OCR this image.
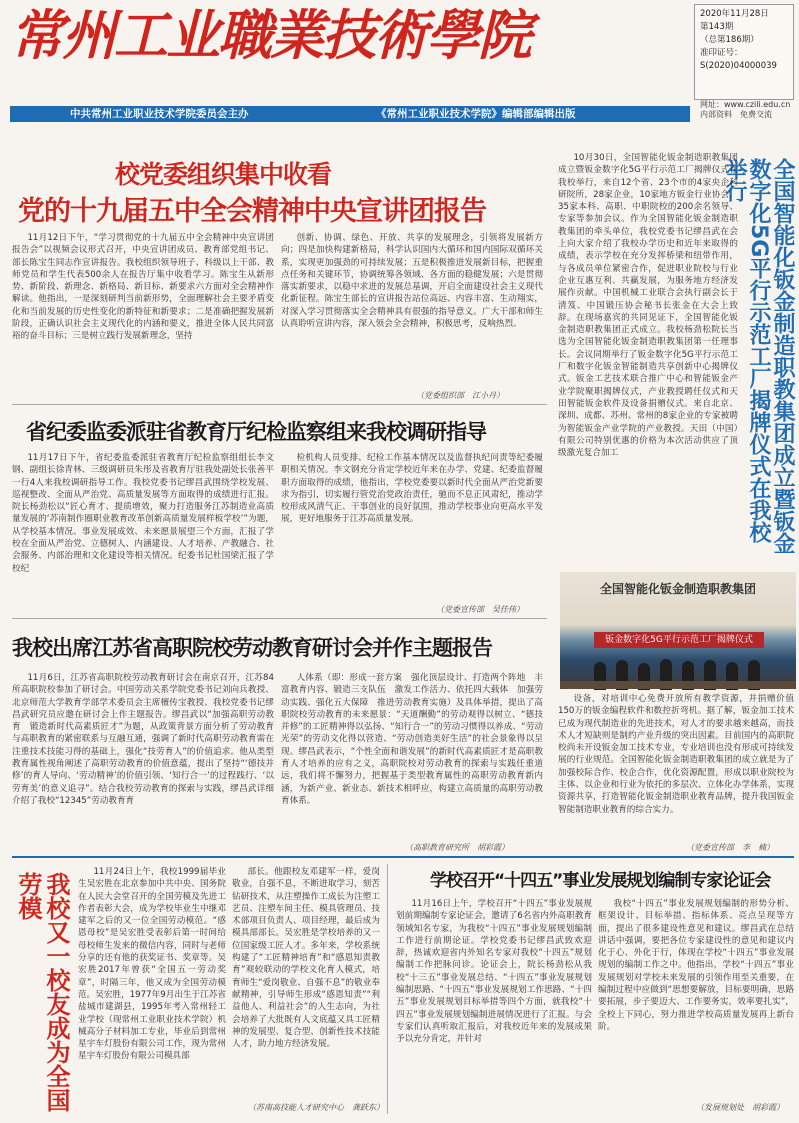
常州工业職業技術學院	2020年11月28日
第143期
（总第186期）
准印证号：
S(2020)04000039
网址：www.czili.edu.cn
内部资料　免费交流
中共常州工业职业技术学院委员会主办	《常州工业职业技术学院》编辑部编辑出版
校党委组织集中收看
党的十九届五中全会精神中央宣讲团报告
11月12日下午，“学习贯彻党的十九届五中全会精神中央宣讲团报告会”以视频会议形式召开，中央宣讲团成员、教育部党组书记、部长陈宝生同志作宣讲报告。我校组织领导班子、科级以上干部、教师党员和学生代表500余人在报告厅集中收看学习。陈宝生从新形势、新阶段、新理念、新格局、新目标、新要求六方面对全会精神作解读。他指出，一是深刻研判当前新形势，全面理解社会主要矛盾变化和当前发展的历史性变化的新特征和新要求；二是准确把握发展新阶段，正确认识社会主义现代化的内涵和要义，推进全体人民共同富裕的奋斗目标；三是树立践行发展新理念，坚持
创新、协调、绿色、开放、共享的发展理念，引领将发展新方向；四是加快构建新格局，科学认识国内大循环和国内国际双循环关系，实现更加强劲的可持续发展；五是积极推进发展新目标，把握重点任务和关键环节，协调统筹各领域、各方面的稳健发展；六是贯彻落实新要求，以稳中求进的发展总基调，开启全面建设社会主义现代化新征程。陈宝生部长的宣讲报告站位高远、内容丰富、生动翔实，对深入学习贯彻落实全会精神具有很强的指导意义。广大干部和师生认真聆听宣讲内容，深入领会全会精神，积极思考，反响热烈。
（党委组织部　江小丹）
省纪委监委派驻省教育厅纪检监察组来我校调研指导
11月17日下午，省纪委监委派驻省教育厅纪检监察组组长李文钢、副组长徐青林、三级调研员朱彤及省教育厅驻我处副处长张善平一行4人来我校调研指导工作。我校党委书记缪昌武围绕学校发展、巡视整改、全面从严治党、高质量发展等方面取得的成绩进行汇报。院长杨劲松以“匠心育才、提质增效，聚力打造服务江苏制造业高质量发展的‘苏南制作圈职业教育改革创新高质量发展样板学校’”为题，从学校基本情况、事业发展成效、未来愿景展望三个方面，汇报了学校在全面从严治党、立德树人、内涵建设、人才培养、产教融合、社会服务、内部治理和文化建设等相关情况。纪委书记杜国梁汇报了学校纪
检机构人员变排、纪检工作基本情况以及监督执纪问责等纪委履职相关情况。李文钢充分肯定学校近年来在办学、党建、纪委监督履职方面取得的成绩，他指出，学校党委要以新时代全面从严治党新要求为指引，切实履行管党治党政治责任，驰而不息正风肃纪，推动学校形成风清气正、干事创业的良好氛围，推动学校事业向更高水平发展，更好地服务于江苏高质量发展。
（党委宣传部　吴佳伟）
我校出席江苏省高职院校劳动教育研讨会并作主题报告
11月6日，江苏省高职院校劳动教育研讨会在南京召开，江苏84所高职院校参加了研讨会。中国劳动关系学院党委书记刘向兵教授、北京师范大学教育学部学术委员会主席檀传宝教授、我校党委书记缪昌武研究员应邀在研讨会上作主题报告。缪昌武以“加强高职劳动教育　锻造新时代高素质匠才”为题，从政策背景方面分析了劳动教育与高职教育的紧密联系与互融互通，强调了新时代高职劳动教育需在注重技术技能习得的基础上，强化“技劳育人”的价值追求。他从类型教育属性视角阐述了高职劳动教育的价值意蕴，提出了坚持“‘德技并修’的育人导向、‘劳动精神’的价值引领、‘知行合一’的过程践行、‘以劳育美’的意义追寻”。结合我校劳动教育的探索与实践，缪昌武详细介绍了我校“12345”劳动教育育
人体系（即：形成一套方案　强化顶层设计、打造两个阵地　丰富教育内容、锻造三支队伍　激发工作活力、依托四大载体　加强劳动实践、强化五大保障　推进劳动教育实施）及具体举措，提出了高职院校劳动教育的未来愿景：“天道酬勤”的劳动观得以树立、“德技并修”的工匠精神得以弘扬、“知行合一”的劳动习惯得以养成、“劳动光荣”的劳动文化得以营造、“劳动创造美好生活”的社会景象得以呈现。缪昌武表示，“个性全面和谐发展”的新时代高素质匠才是高职教育人才培养的应有之义，高职院校对劳动教育的探索与实践任重道远，我们将不懈努力，把握基于类型教育属性的高职劳动教育新内涵，为新产业、新业态、新技术相呼应，构建立高质量的高职劳动教育体系。
（高职教育研究所　胡彩霞）
全国智能化钣金制造职教集团成立暨钣金数字化5G平行示范工厂揭牌仪式在我校举行
10月30日，全国智能化钣金制造职教集团成立暨钣金数字化5G平行示范工厂揭牌仪式在我校举行，来自12个省、23个市的4家央企科研院所，28家企业，10家地方钣金行业协会，35家本科、高职、中职院校的200余名领导、专家等参加会议。作为全国智能化钣金制造职教集团的牵头单位，我校党委书记缪昌武在会上向大家介绍了我校办学历史和近年来取得的成绩，表示学校在充分发挥桥梁和纽带作用，与各成员单位紧密合作，促进职业院校与行业企业互惠互利、共赢发展，为服务地方经济发展作贡献。中国机械工业联合会执行副会长于清笈、中国锻压协会秘书长张金在大会上致辞。在现场嘉宾的共同见证下，全国智能化钣金制造职教集团正式成立。我校杨劲松院长当选为全国智能化钣金制造职教集团第一任理事长。会议同期举行了钣金数字化5G平行示范工厂和数字化钣金智能制造共享创新中心揭牌仪式。钣金工艺技术联合推广中心和智能钣金产业学院聚职揭牌仪式，产业教授聘任仪式和天田智能钣金软件及设备捐赠仪式。来自北京、深圳、成都、苏州、常州的8家企业的专家被聘为智能钣金产业学院的产业教授。天田（中国）有限公司特别优惠的价格为本次活动供应了顶级激光复合加工
全国智能化钣金制造职教集团
钣金数字化5G平行示范工厂揭牌仪式
设备，对培训中心免费开放所有教学资源，并捐赠价值150万的钣金编程软件和数控折弯机。据了解，钣金加工技术已成为现代制造业的先进技术，对人才的要求越来越高，而技术人才短缺则是制约产业升级的突出因素。目前国内的高职院校尚未开设钣金加工技术专业，专业培训也没有形成可持续发展的行业规范。全国智能化钣金制造职教集团的成立就是为了加强校际合作、校企合作，优化资源配置，形成以职业院校为主体、以企业和行业为依托的多层次、立体化办学体系，实现资源共享，打造智能化钣金制造职业教育品牌，提升我国钣金智能制造职业教育的综合实力。
（党委宣传部　李　楠）
我校又一校友成为全国劳模	11月24日上午，我校1999届毕业生吴宏胜在北京参加中共中央、国务院在人民大会堂召开的全国劳模及先进工作者表彰大会，成为学校毕业生中继邓建军之后的又一位全国劳动模范。“感恩母校”是吴宏胜受表彰后第一时间给母校师生发来的微信内容，同时与老师分享的还有他的获奖证书、奖章等。吴宏胜2017年曾获“全国五一劳动奖章”，时隔三年，他又成为全国劳动模范。吴宏胜，1977年9月出生于江苏省盐城市建湖县，1995年考入常州轻工业学校（现常州工业职业技术学院）机械高分子材料加工专业，毕业后到常州星宇车灯股份有限公司工作，现为常州星宇车灯股份有限公司模具部
部长。他跟校友邓建军一样，爱岗敬业，自强不息，不断进取学习，刻苦钻研技术，从注塑操作工成长为注塑工艺员、注塑车间主任、模具管理员、技术部项目负责人、项目经理，最后成为模具部部长。吴宏胜是学校培养的又一位国家级工匠人才。多年来，学校系统构建了“工匠精神培育”和“感恩知责教育”观较联动的学校文化育人模式，培育师生“爱岗敬业、自强不息”的敬业奉献精神，引导师生形成“感恩知责”“利益他人、利益社会”的人生志向，为社会培养了大批既有人文底蕴又具工匠精神的发展型、复合型、创新性技术技能人才，助力地方经济发展。
（苏南高技能人才研究中心　龚跃东）
学校召开“十四五”事业发展规划编制专家论证会
11月16日上午，学校召开“十四五”事业发展规划前期编制专家论证会，邀请了6名省内外高职教育领域知名专家，为我校“十四五”事业发展规划编制工作进行前期论证。学校党委书记缪昌武致欢迎辞，热诚欢迎省内外知名专家对我校“十四五”规划编制工作把脉问诊。论证会上，院长杨劲松从我校“十三五”事业发展总结、“十四五”事业发展规划编制思路、“十四五”事业发展规划工作思路、“十四五”事业发展规划目标举措等四个方面，就我校“十四五”事业发展规划编制进展情况进行了汇报。与会专家们认真听取汇报后，对我校近年来的发展成果予以充分肯定，并针对
我校“十四五”事业发展规划编制的形势分析、框架设计、目标举措、指标体系、亮点呈现等方面，提出了很多建设性意见和建议。缪昌武在总结讲话中强调，要把各位专家建设性的意见和建议内化于心、外化于行，体现在学校“十四五”事业发展规划的编制工作之中。他指出，学校“十四五”事业发展规划对学校未来发展的引领作用至关重要，在编制过程中应做到“思想要解放，目标要明确，思路要拓展，步子要迈大、工作要务实，效率要扎实”，全校上下同心，努力推进学校高质量发展再上新台阶。
（发展规划处　胡彩霞）
